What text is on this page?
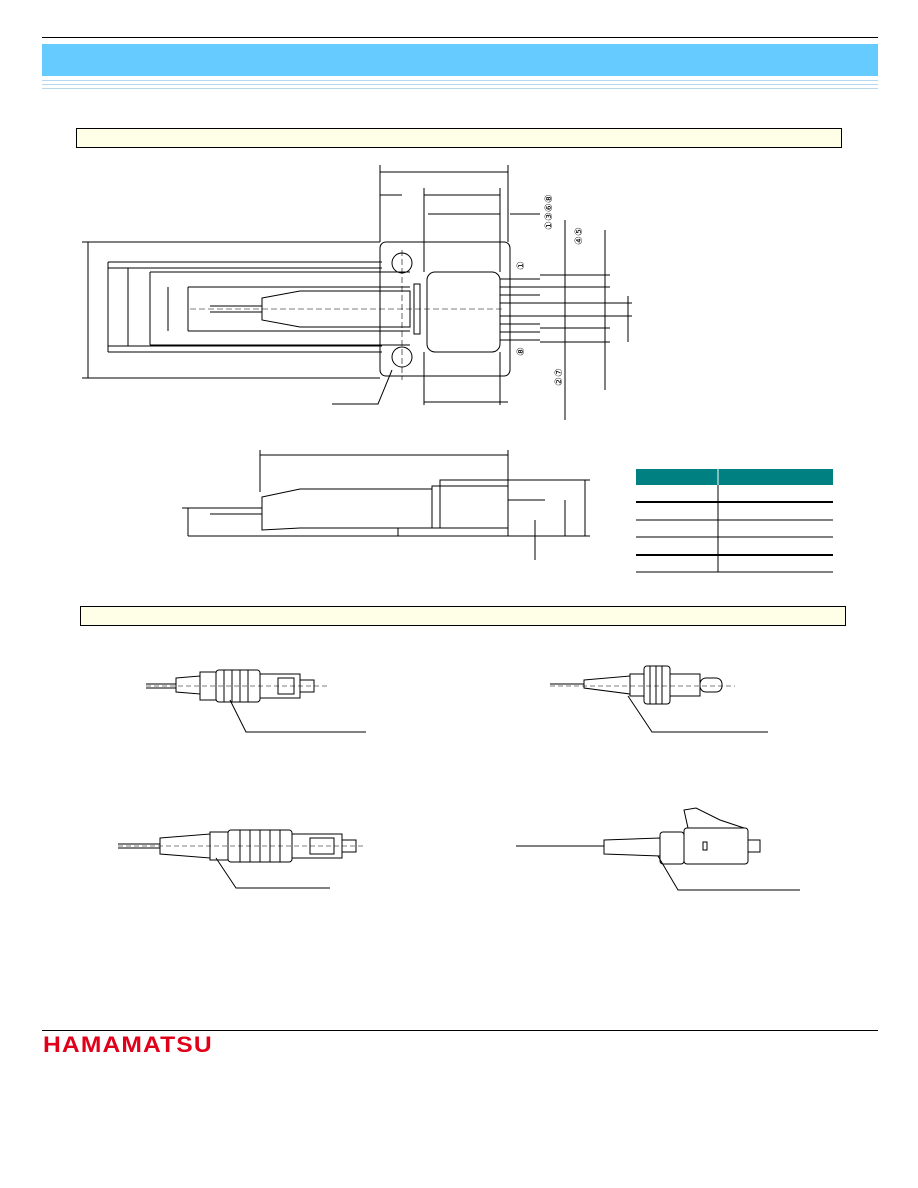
①③⑥⑧
④⑤
①
⑧
②⑦
HAMAMATSU
